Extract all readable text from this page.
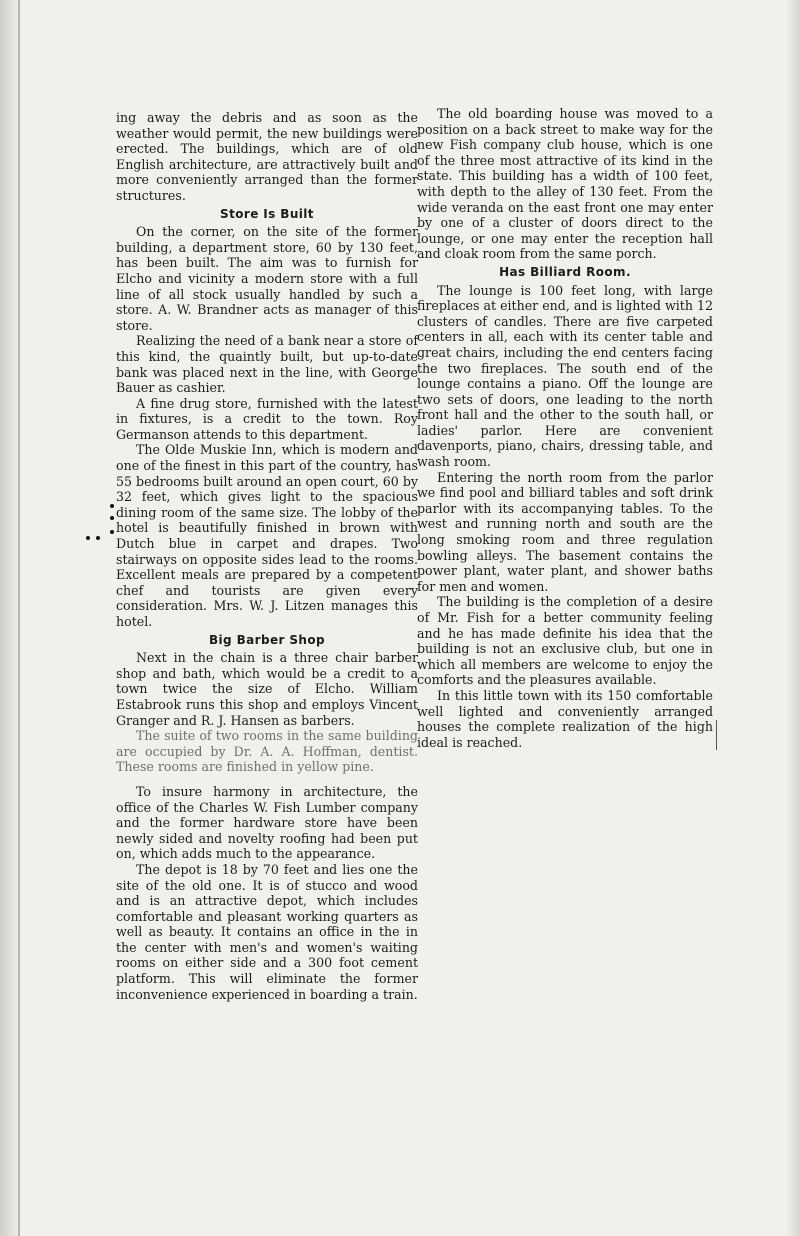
ing away the debris and as soon as the weather would permit, the new buildings were erected. The buildings, which are of old English architecture, are attractively built and more conveniently arranged than the former structures.

Store Is Built

On the corner, on the site of the former building, a department store, 60 by 130 feet, has been built. The aim was to furnish for Elcho and vicinity a modern store with a full line of all stock usually handled by such a store. A. W. Brandner acts as manager of this store.

Realizing the need of a bank near a store of this kind, the quaintly built, but up-to-date bank was placed next in the line, with George Bauer as cashier.

A fine drug store, furnished with the latest in fixtures, is a credit to the town. Roy Germanson attends to this department.

The Olde Muskie Inn, which is modern and one of the finest in this part of the country, has 55 bedrooms built around an open court, 60 by 32 feet, which gives light to the spacious dining room of the same size. The lobby of the hotel is beautifully finished in brown with Dutch blue in carpet and drapes. Two stairways on opposite sides lead to the rooms. Excellent meals are prepared by a competent chef and tourists are given every consideration. Mrs. W. J. Litzen manages this hotel.

Big Barber Shop

Next in the chain is a three chair barber shop and bath, which would be a credit to a town twice the size of Elcho. William Estabrook runs this shop and employs Vincent Granger and R. J. Hansen as barbers.

The suite of two rooms in the same building are occupied by Dr. A. A. Hoffman, dentist. These rooms are finished in yellow pine.

To insure harmony in architecture, the office of the Charles W. Fish Lumber company and the former hardware store have been newly sided and novelty roofing had been put on, which adds much to the appearance.

The depot is 18 by 70 feet and lies one the site of the old one. It is of stucco and wood and is an attractive depot, which includes comfortable and pleasant working quarters as well as beauty. It contains an office in the in the center with men's and women's waiting rooms on either side and a 300 foot cement platform. This will eliminate the former inconvenience experienced in boarding a train.

The old boarding house was moved to a position on a back street to make way for the new Fish company club house, which is one of the three most attractive of its kind in the state. This building has a width of 100 feet, with depth to the alley of 130 feet. From the wide veranda on the east front one may enter by one of a cluster of doors direct to the lounge, or one may enter the reception hall and cloak room from the same porch.

Has Billiard Room.

The lounge is 100 feet long, with large fireplaces at either end, and is lighted with 12 clusters of candles. There are five carpeted centers in all, each with its center table and great chairs, including the end centers facing the two fireplaces. The south end of the lounge contains a piano. Off the lounge are two sets of doors, one leading to the north front hall and the other to the south hall, or ladies' parlor. Here are convenient davenports, piano, chairs, dressing table, and wash room.

Entering the north room from the parlor we find pool and billiard tables and soft drink parlor with its accompanying tables. To the west and running north and south are the long smoking room and three regulation bowling alleys. The basement contains the power plant, water plant, and shower baths for men and women.

The building is the completion of a desire of Mr. Fish for a better community feeling and he has made definite his idea that the building is not an exclusive club, but one in which all members are welcome to enjoy the comforts and the pleasures available.

In this little town with its 150 comfortable well lighted and conveniently arranged houses the complete realization of the high ideal is reached.
